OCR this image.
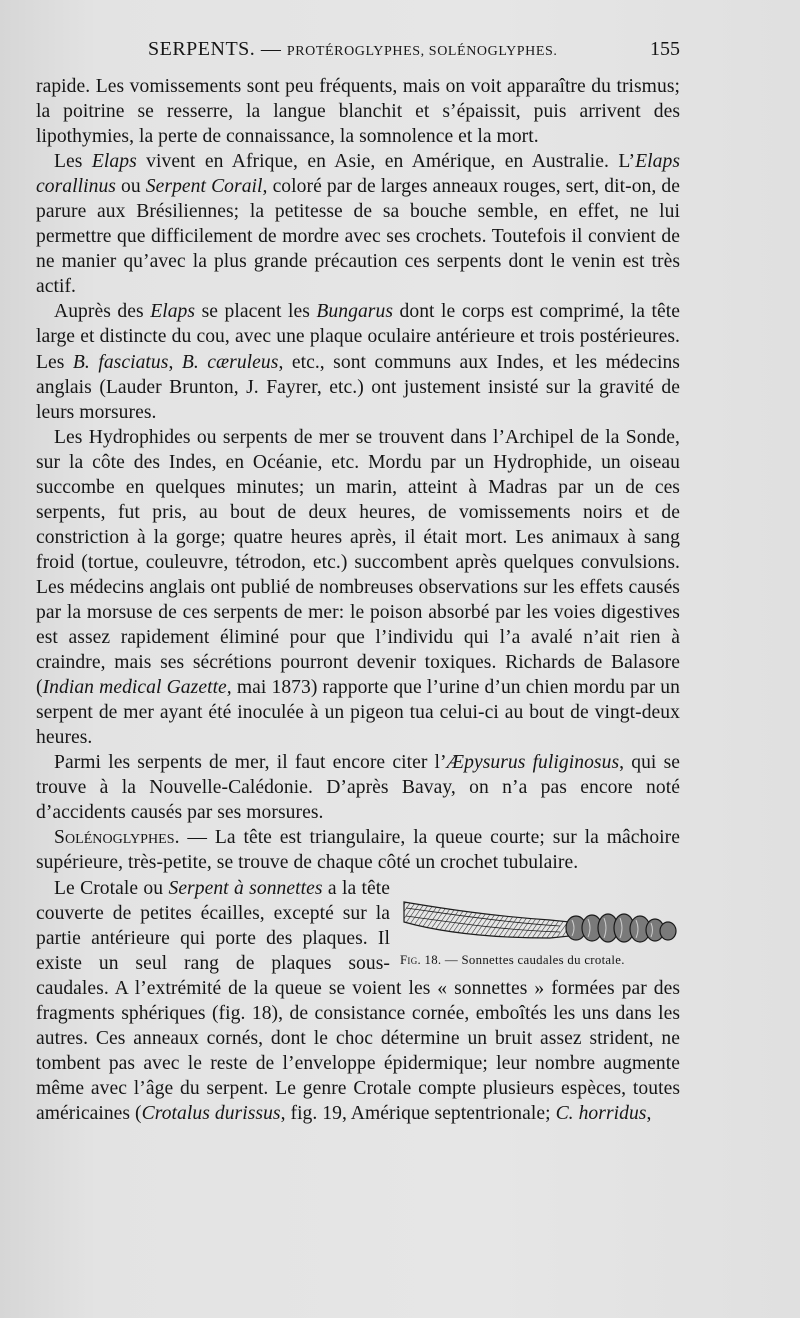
SERPENTS. — PROTÉROGLYPHES, SOLÉNOGLYPHES.	155

rapide. Les vomissements sont peu fréquents, mais on voit apparaître du trismus; la poitrine se resserre, la langue blanchit et s’épaissit, puis arrivent des lipothymies, la perte de connaissance, la somnolence et la mort.

Les Elaps vivent en Afrique, en Asie, en Amérique, en Australie. L’Elaps corallinus ou Serpent Corail, coloré par de larges anneaux rouges, sert, dit-on, de parure aux Brésiliennes; la petitesse de sa bouche semble, en effet, ne lui permettre que difficilement de mordre avec ses crochets. Toutefois il convient de ne manier qu’avec la plus grande précaution ces serpents dont le venin est très actif.

Auprès des Elaps se placent les Bungarus dont le corps est comprimé, la tête large et distincte du cou, avec une plaque oculaire antérieure et trois postérieures. Les B. fasciatus, B. cæruleus, etc., sont communs aux Indes, et les médecins anglais (Lauder Brunton, J. Fayrer, etc.) ont justement insisté sur la gravité de leurs morsures.

Les Hydrophides ou serpents de mer se trouvent dans l’Archipel de la Sonde, sur la côte des Indes, en Océanie, etc. Mordu par un Hydrophide, un oiseau succombe en quelques minutes; un marin, atteint à Madras par un de ces serpents, fut pris, au bout de deux heures, de vomissements noirs et de constriction à la gorge; quatre heures après, il était mort. Les animaux à sang froid (tortue, couleuvre, tétrodon, etc.) succombent après quelques convulsions. Les médecins anglais ont publié de nombreuses observations sur les effets causés par la morsuse de ces serpents de mer: le poison absorbé par les voies digestives est assez rapidement éliminé pour que l’individu qui l’a avalé n’ait rien à craindre, mais ses sécrétions pourront devenir toxiques. Richards de Balasore (Indian medical Gazette, mai 1873) rapporte que l’urine d’un chien mordu par un serpent de mer ayant été inoculée à un pigeon tua celui-ci au bout de vingt-deux heures.

Parmi les serpents de mer, il faut encore citer l’Æpysurus fuliginosus, qui se trouve à la Nouvelle-Calédonie. D’après Bavay, on n’a pas encore noté d’accidents causés par ses morsures.

Solénoglyphes. — La tête est triangulaire, la queue courte; sur la mâchoire supérieure, très-petite, se trouve de chaque côté un crochet tubulaire.

Fig. 18. — Sonnettes caudales du crotale.
Le Crotale ou Serpent à sonnettes a la tête couverte de petites écailles, excepté sur la partie antérieure qui porte des plaques. Il existe un seul rang de plaques sous-caudales. A l’extrémité de la queue se voient les « sonnettes » formées par des fragments sphériques (fig. 18), de consistance cornée, emboîtés les uns dans les autres. Ces anneaux cornés, dont le choc détermine un bruit assez strident, ne tombent pas avec le reste de l’enveloppe épidermique; leur nombre augmente même avec l’âge du serpent. Le genre Crotale compte plusieurs espèces, toutes américaines (Crotalus durissus, fig. 19, Amérique septentrionale; C. horridus,
